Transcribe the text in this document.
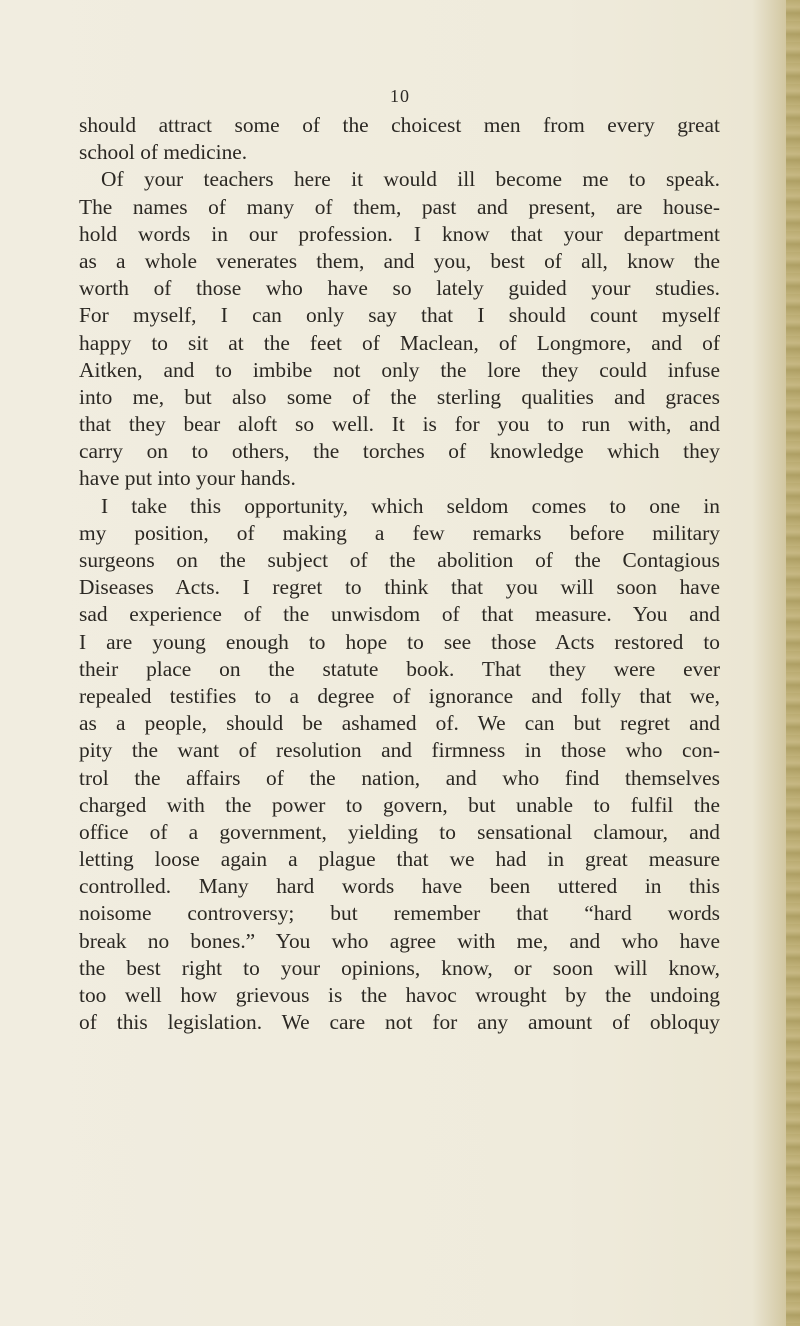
10
should attract some of the choicest men from every great
school of medicine.
Of your teachers here it would ill become me to speak.
The names of many of them, past and present, are house-
hold words in our profession. I know that your department
as a whole venerates them, and you, best of all, know the
worth of those who have so lately guided your studies.
For myself, I can only say that I should count myself
happy to sit at the feet of Maclean, of Longmore, and of
Aitken, and to imbibe not only the lore they could infuse
into me, but also some of the sterling qualities and graces
that they bear aloft so well. It is for you to run with, and
carry on to others, the torches of knowledge which they
have put into your hands.
I take this opportunity, which seldom comes to one in
my position, of making a few remarks before military
surgeons on the subject of the abolition of the Contagious
Diseases Acts. I regret to think that you will soon have
sad experience of the unwisdom of that measure. You and
I are young enough to hope to see those Acts restored to
their place on the statute book. That they were ever
repealed testifies to a degree of ignorance and folly that we,
as a people, should be ashamed of. We can but regret and
pity the want of resolution and firmness in those who con-
trol the affairs of the nation, and who find themselves
charged with the power to govern, but unable to fulfil the
office of a government, yielding to sensational clamour, and
letting loose again a plague that we had in great measure
controlled. Many hard words have been uttered in this
noisome controversy; but remember that “hard words
break no bones.” You who agree with me, and who have
the best right to your opinions, know, or soon will know,
too well how grievous is the havoc wrought by the undoing
of this legislation. We care not for any amount of obloquy
